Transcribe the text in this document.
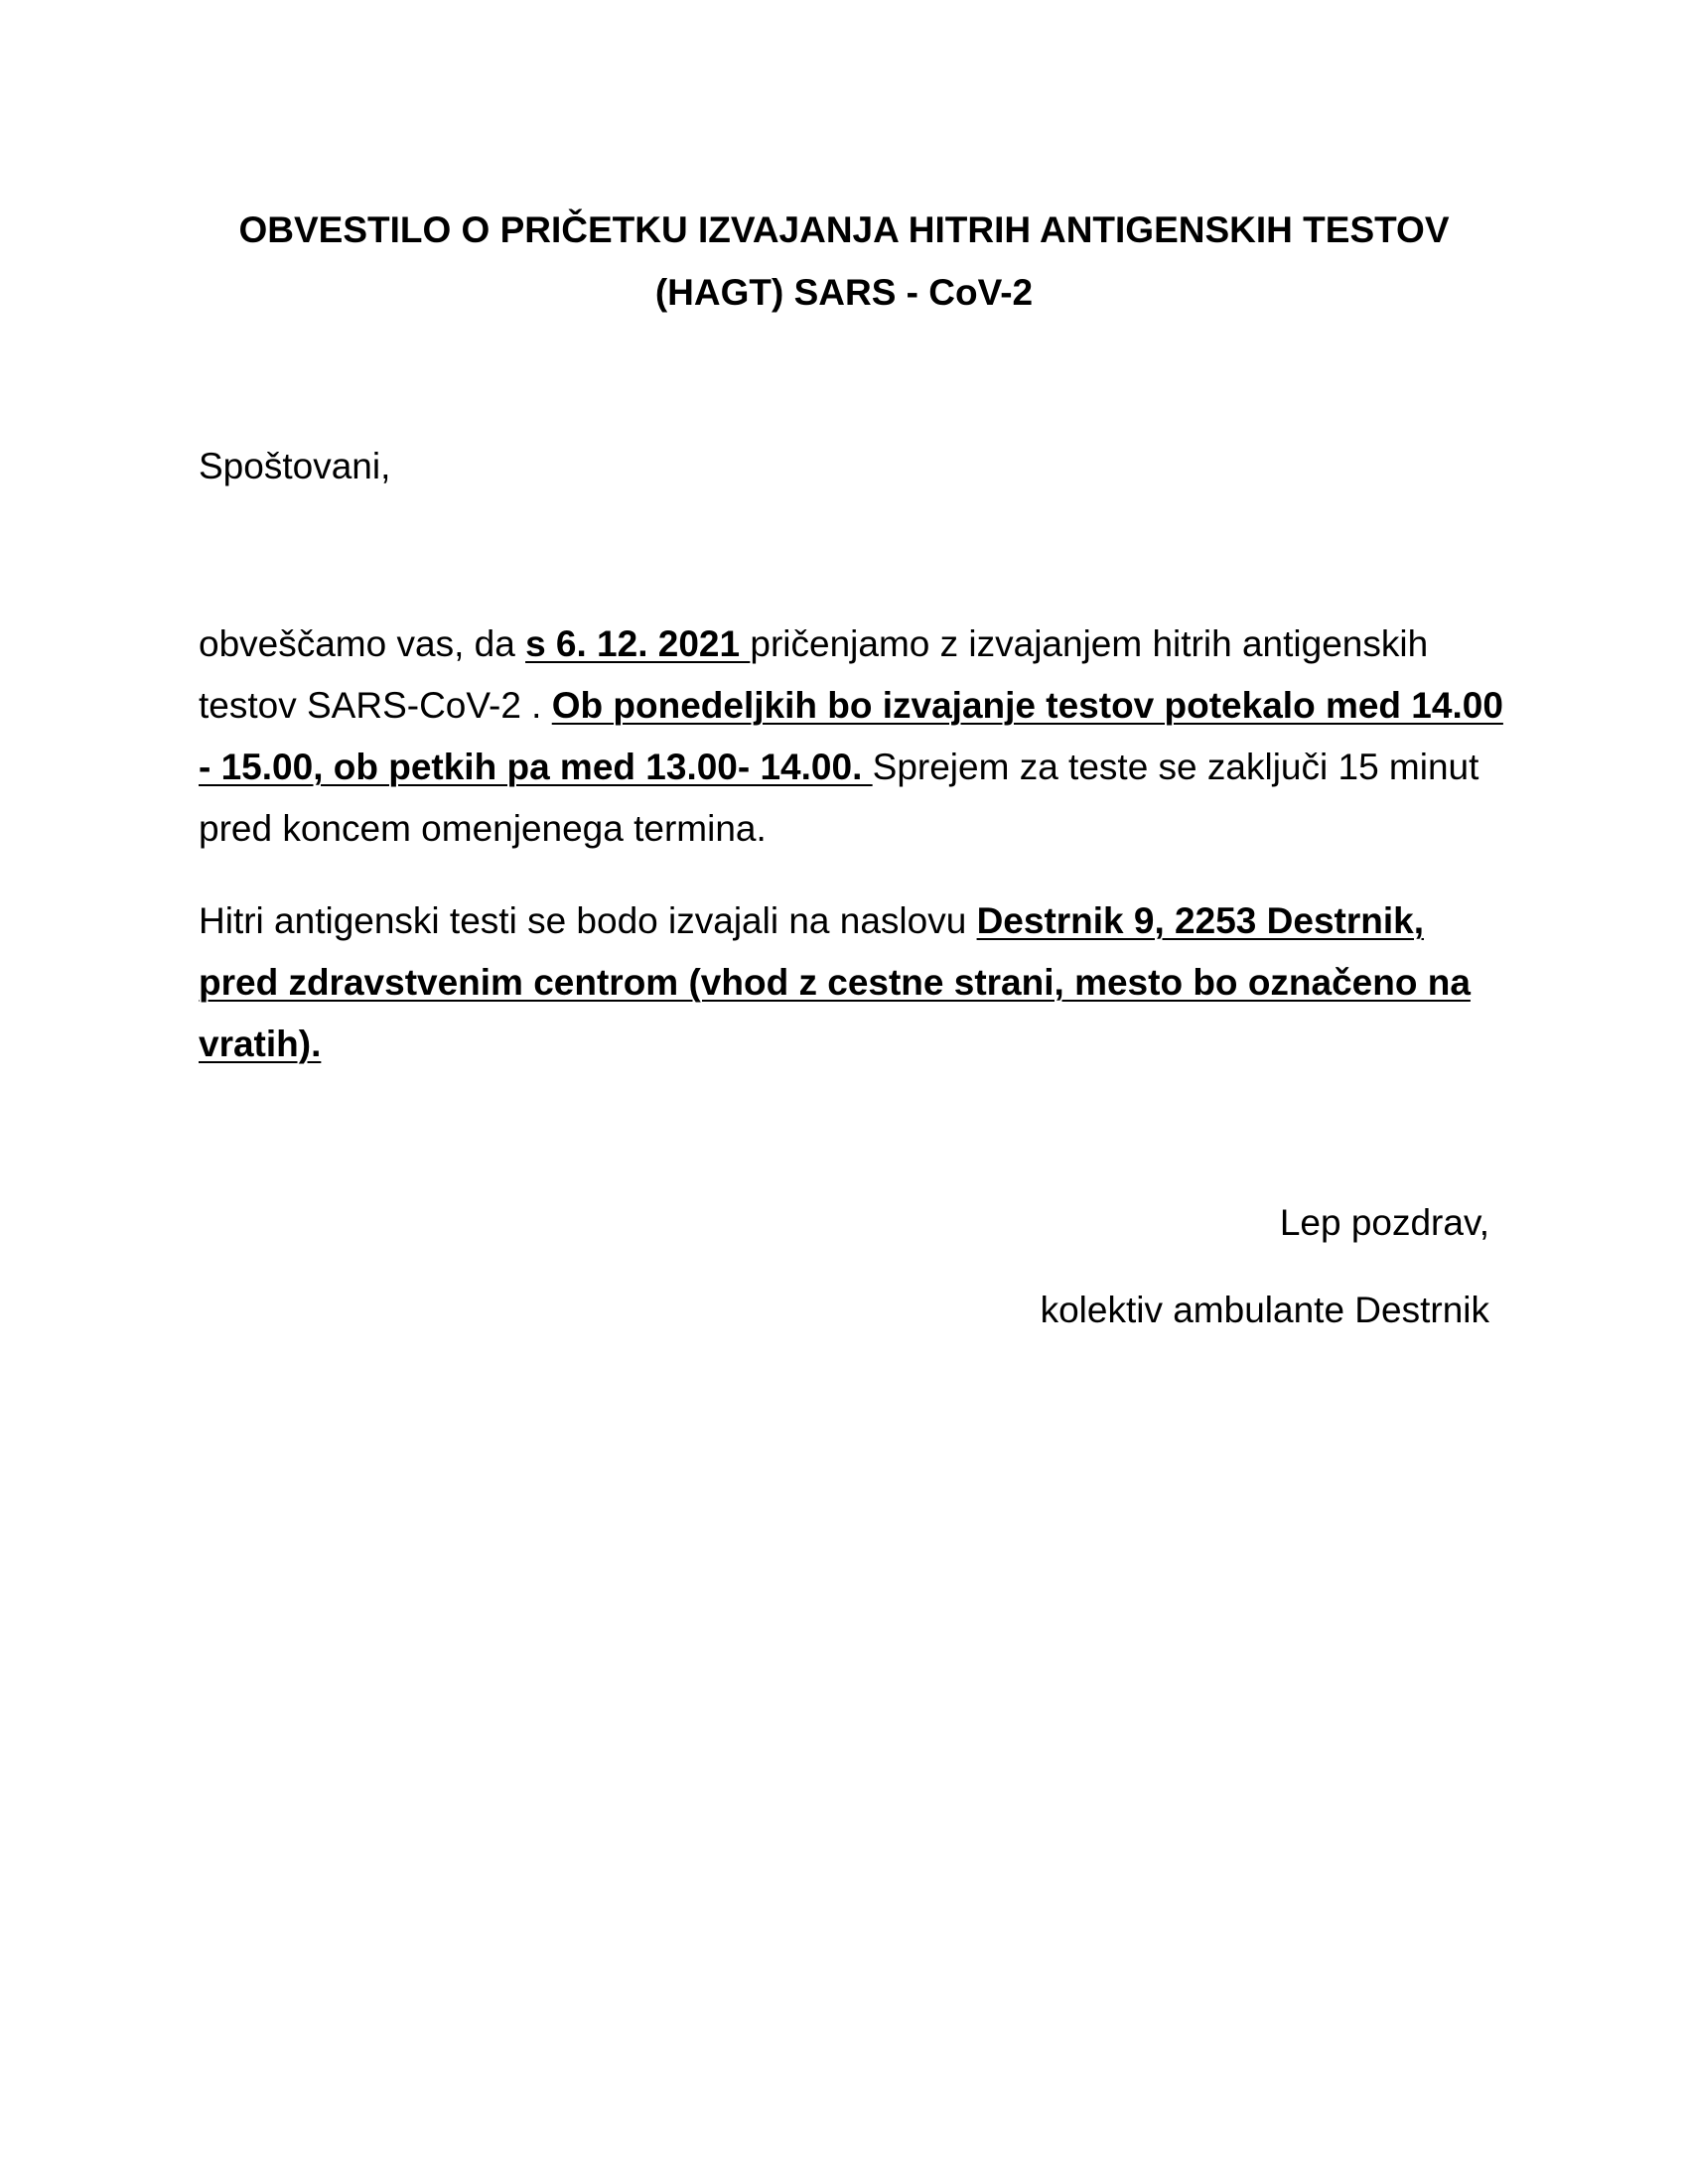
OBVESTILO O PRIČETKU IZVAJANJA HITRIH ANTIGENSKIH TESTOV
(HAGT) SARS - CoV-2
Spoštovani,

obveščamo vas, da s 6. 12. 2021 pričenjamo z izvajanjem hitrih antigenskih testov SARS-CoV-2 . Ob ponedeljkih bo izvajanje testov potekalo med 14.00 - 15.00, ob petkih pa med 13.00- 14.00. Sprejem za teste se zaključi 15 minut pred koncem omenjenega termina.

Hitri antigenski testi se bodo izvajali na naslovu Destrnik 9, 2253 Destrnik, pred zdravstvenim centrom (vhod z cestne strani, mesto bo označeno na vratih).

Lep pozdrav,
kolektiv ambulante Destrnik
